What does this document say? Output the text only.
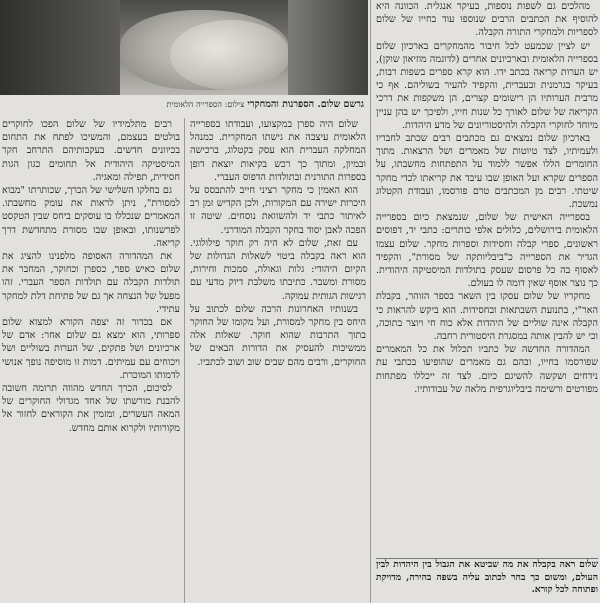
גרשם שלום. הספרנות והמחקרי צילום: הספרייה הלאומית

מהלכים גם לשפות נוספות, בעיקר אנגלית. הכוונה היא להוסיף את הכתבים הרבים שנוספו עוד בחייו של שלום לספריות ולמחקרי התורה הקבלה.

יש לציין שכמעט לכל חיבור מהמחקרים בארכיון שלום בספרייה הלאומית ובארכיונים אחרים (לדוגמה מוזיאון שוקן), יש הערות קריאה בכתב ידו. הוא קרא ספרים בשפות רבות, בעיקר בגרמנית ובעברית, והקפיד להעיר בשוליהם. אף כי מרבית הערותיו הן רישומים קצרים, הן משקפות את דרכי הקריאה של שלום לאורך כל שנות חייו, ולפיכך יש בהן עניין מיוחד לחוקרי הקבלה ולהיסטוריונים של מדע היהדות.

בארכיון שלום נמצאים גם מכתבים רבים שכתב לחבריו ולעמיתיו, לצד טיוטות של מאמרים ושל הרצאות. מתוך החומרים הללו אפשר ללמוד על התפתחות מחשבתו, על הספרים שקרא ועל האופן שבו עיבד את קריאתו לכדי מחקר שיטתי. רבים מן המכתבים טרם פורסמו, ועבודת הקטלוג נמשכת.

בספרייה האישית של שלום, שנמצאת כיום בספרייה הלאומית בירושלים, כלולים אלפי כותרים: כתבי יד, דפוסים ראשונים, ספרי קבלה וחסידות וספרות מחקר. שלום עצמו הגדיר את הספרייה כ"ביבליותקה של מסורת", והקפיד לאסוף בה כל פרסום שעסק בתולדות המיסטיקה היהודית. כך נוצר אוסף שאין דומה לו בעולם.

מחקריו של שלום עסקו בין השאר בספר הזוהר, בקבלת האר"י, בתנועת השבתאות ובחסידות. הוא ביקש להראות כי הקבלה אינה שוליים של היהדות אלא כוח חי ויוצר בתוכה, וכי יש להבין אותה במסגרת היסטורית רחבה.

המהדורה החדשה של כתביו תכלול את כל המאמרים שפורסמו בחייו, ובהם גם מאמרים שהופיעו בכתבי עת נידחים ושקשה להשיגם כיום. לצד זה ייכללו מפתחות מפורטים ורשימה ביבליוגרפית מלאה של עבודותיו.

שלום היה ספרן במקצועו, ועבודתו בספרייה הלאומית עיצבה את גישתו המחקרית. כמנהל המחלקה העברית הוא עסק בקטלוג, ברכישה ובמיון, ומתוך כך רכש בקיאות יוצאת דופן בספרות התורנית ובתולדות הדפוס העברי.

הוא האמין כי מחקר רציני חייב להתבסס על היכרות ישירה עם המקורות, ולכן הקדיש זמן רב לאיתור כתבי יד ולהשוואת נוסחים. שיטה זו הפכה לאבן יסוד בחקר הקבלה המודרני.

עם זאת, שלום לא היה רק חוקר פילולוגי. הוא ראה בקבלה ביטוי לשאלות הגדולות של הקיום היהודי: גלות וגאולה, סמכות וחירות, מסורת ומשבר. כתיבתו משלבת דיוק מדעי עם רגישות הגותית עמוקה.

בשנותיו האחרונות הרבה שלום לכתוב על היחס בין מחקר למסורת, ועל מקומו של החוקר בתוך התרבות שהוא חוקר. שאלות אלה ממשיכות להעסיק את הדורות הבאים של החוקרים, ורבים מהם שבים שוב ושוב לכתביו.

רבים מתלמידיו של שלום הפכו לחוקרים בולטים בעצמם, והמשיכו לפתח את התחום בכיוונים חדשים. בעקבותיהם התרחב חקר המיסטיקה היהודית אל תחומים כגון הגות חסידית, תפילה ומאגיה.

גם בחלקו השלישי של הכרך, שכותרתו "מבוא למסורת", ניתן לראות את עומק מחשבתו. המאמרים שנכללו בו עוסקים ביחס שבין הטקסט לפרשנותו, ובאופן שבו מסורת מתחדשת דרך קריאה.

את המהדורה האסופה מלפנינו להציג את שלום כאיש ספר, כספרן וכחוקר, המחבר את תולדות הקבלה עם תולדות הספר העברי. זהו מפעל של הנצחה אך גם של פתיחת דלת למחקר עתידי.

אם בכדור זה יצפה הקורא למצוא שלום ספרותי, הוא ימצא גם שלום אחר: אדם של ארכיונים ושל פתקים, של הערות בשוליים ושל ויכוחים עם עמיתים. דמות זו מוסיפה נופך אנושי לדמותו המוכרת.

לסיכום, הכרך החדש מהווה תרומה חשובה להבנת מורשתו של אחד מגדולי החוקרים של המאה העשרים, ומזמין את הקוראים לחזור אל מקורותיו ולקרוא אותם מחדש.

שלום ראה בקבלה את מה שביטא את הגבול בין היהדות לבין העולם, ומשום כך בחר לכתוב עליה בשפה בהירה, מדויקת ופתוחה לכל קורא.
